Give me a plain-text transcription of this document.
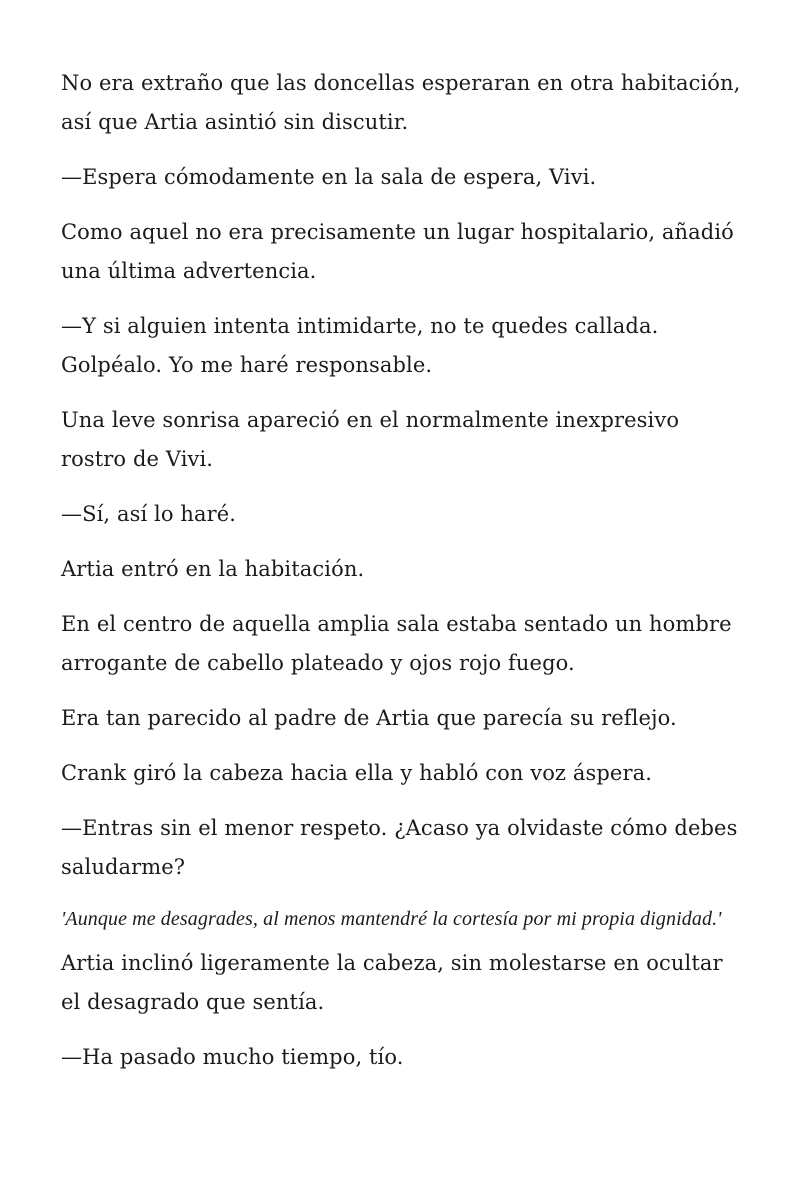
No era extraño que las doncellas esperaran en otra habitación, así que Artia asintió sin discutir.

—Espera cómodamente en la sala de espera, Vivi.

Como aquel no era precisamente un lugar hospitalario, añadió una última advertencia.

—Y si alguien intenta intimidarte, no te quedes callada. Golpéalo. Yo me haré responsable.

Una leve sonrisa apareció en el normalmente inexpresivo rostro de Vivi.

—Sí, así lo haré.

Artia entró en la habitación.

En el centro de aquella amplia sala estaba sentado un hombre arrogante de cabello plateado y ojos rojo fuego.

Era tan parecido al padre de Artia que parecía su reflejo.

Crank giró la cabeza hacia ella y habló con voz áspera.

—Entras sin el menor respeto. ¿Acaso ya olvidaste cómo debes saludarme?

'Aunque me desagrades, al menos mantendré la cortesía por mi propia dignidad.'

Artia inclinó ligeramente la cabeza, sin molestarse en ocultar el desagrado que sentía.

—Ha pasado mucho tiempo, tío.
